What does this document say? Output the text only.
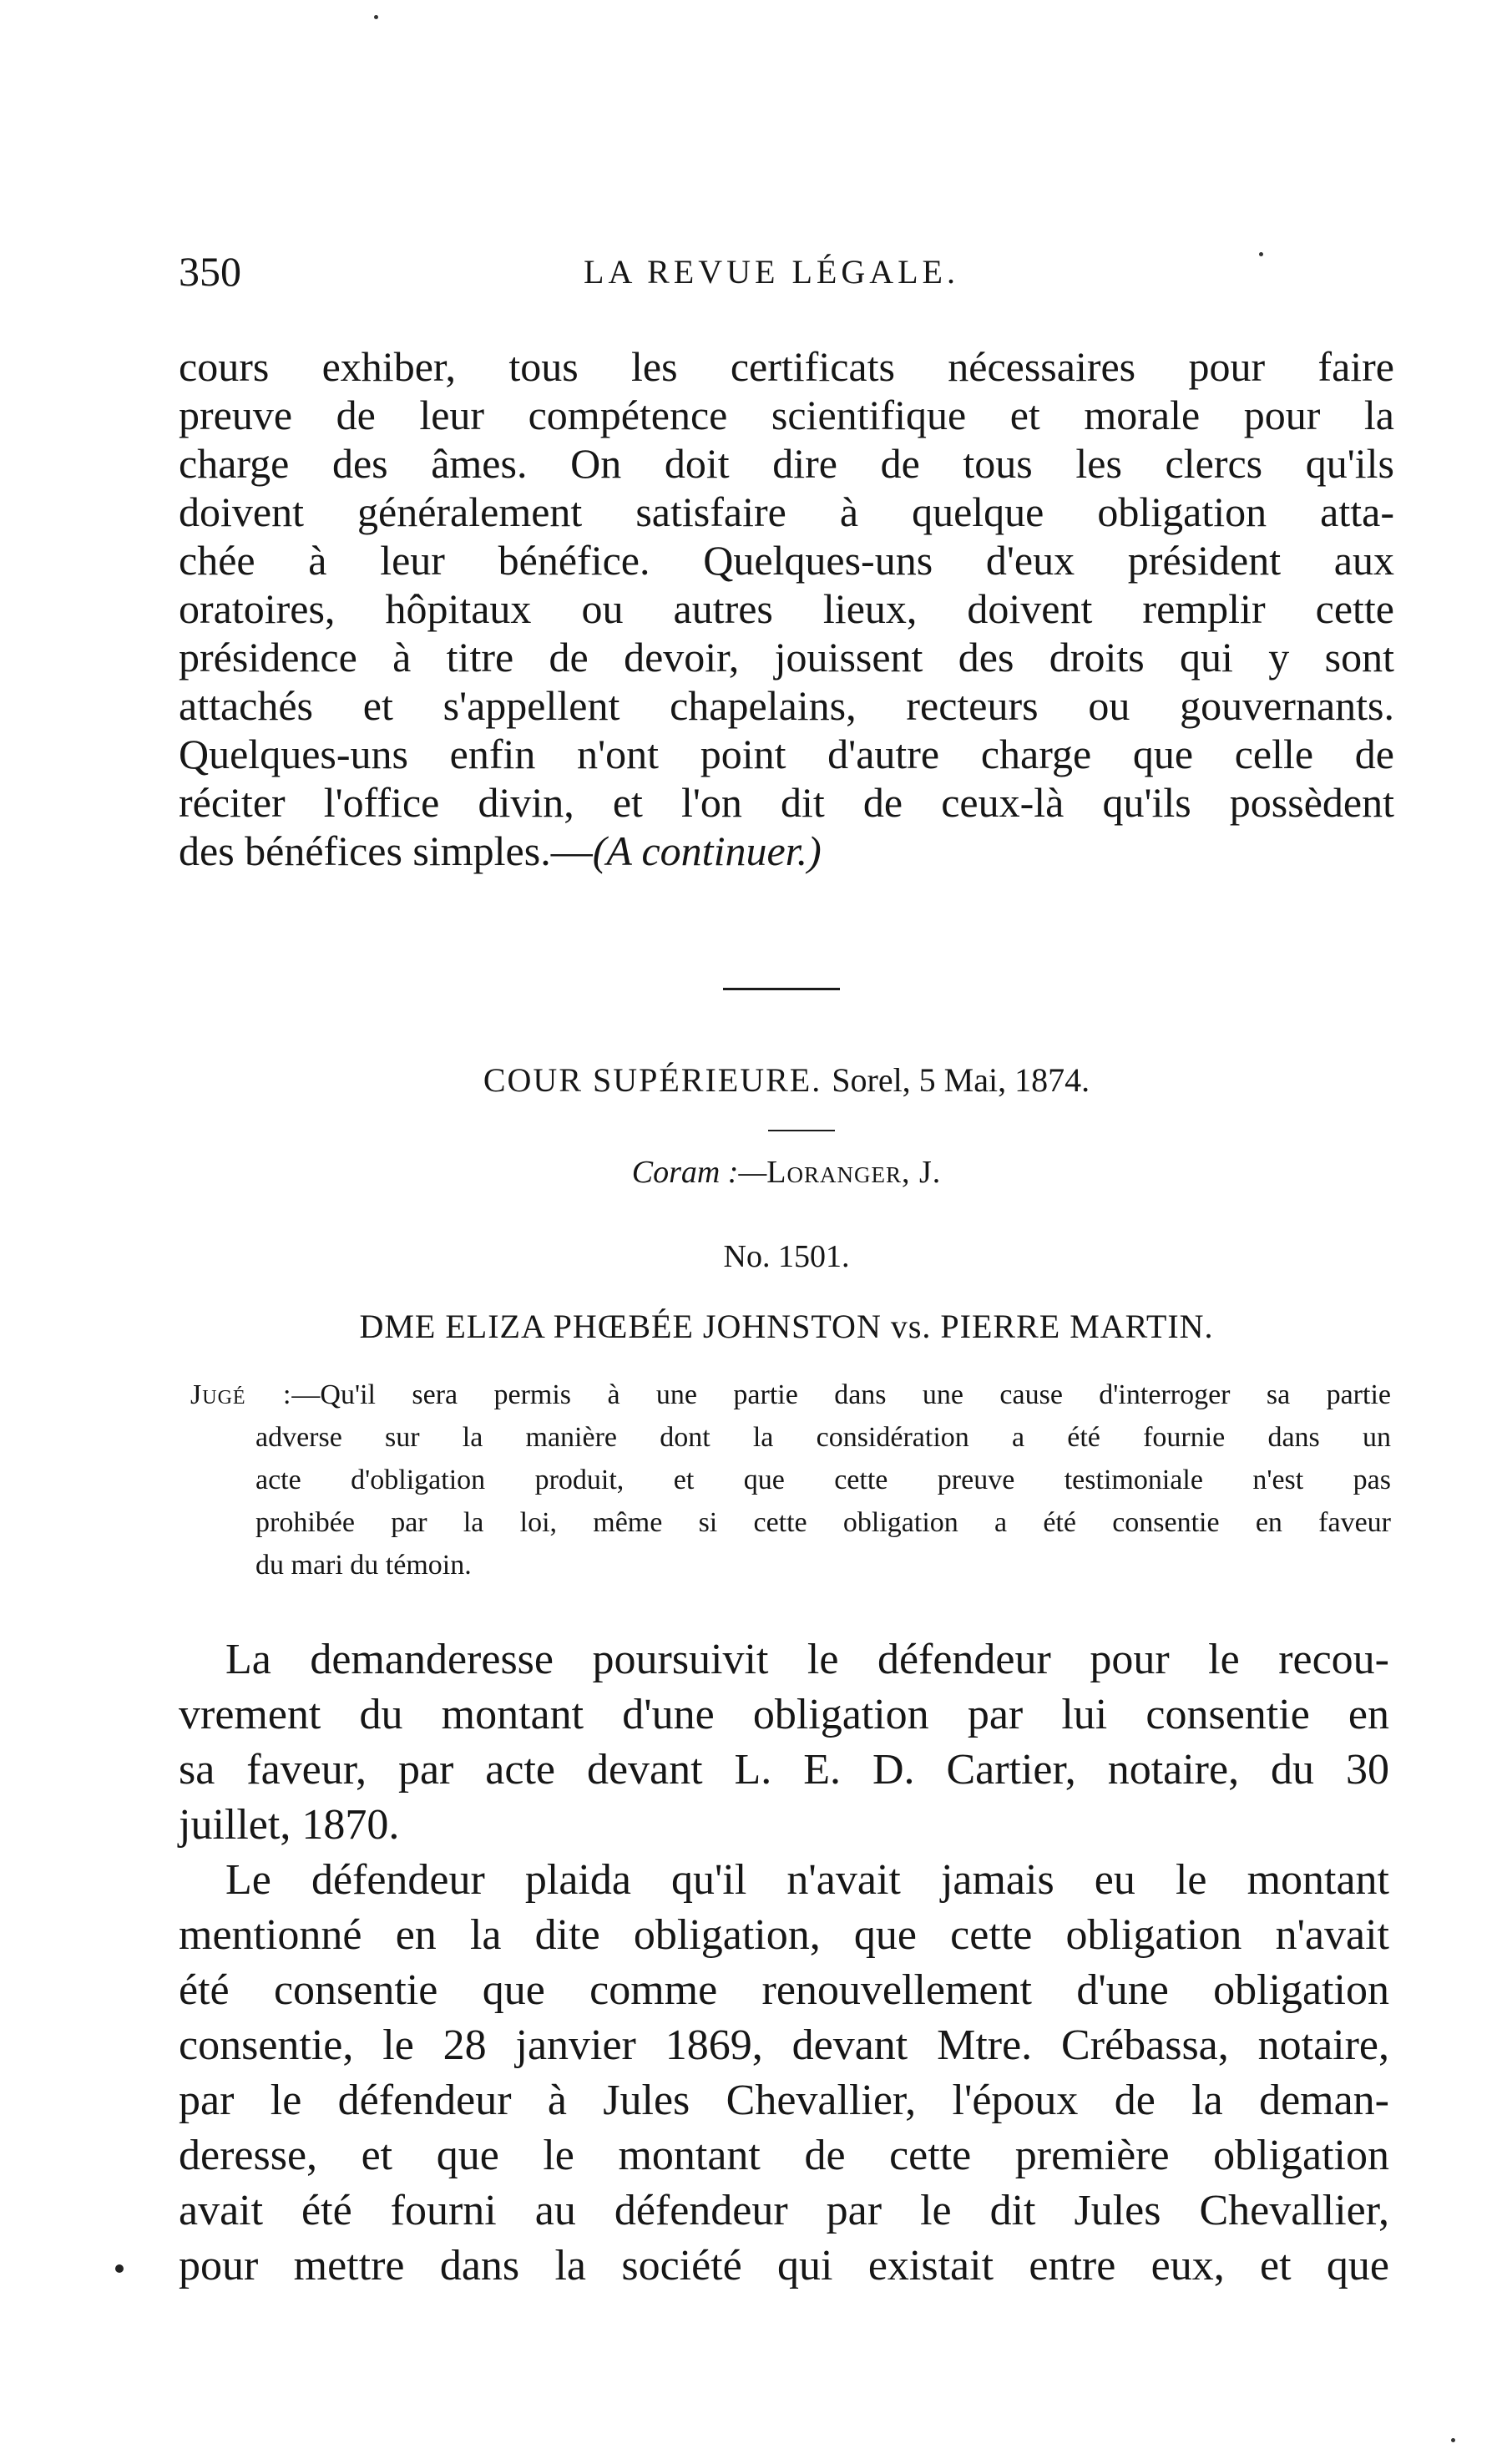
350	LA REVUE LÉGALE.
cours exhiber, tous les certificats nécessaires pour faire
preuve de leur compétence scientifique et morale pour la
charge des âmes. On doit dire de tous les clercs qu'ils
doivent généralement satisfaire à quelque obligation atta-
chée à leur bénéfice. Quelques-uns d'eux président aux
oratoires, hôpitaux ou autres lieux, doivent remplir cette
présidence à titre de devoir, jouissent des droits qui y sont
attachés et s'appellent chapelains, recteurs ou gouvernants.
Quelques-uns enfin n'ont point d'autre charge que celle de
réciter l'office divin, et l'on dit de ceux-là qu'ils possèdent
des bénéfices simples.—(A continuer.)
COUR SUPÉRIEURE. Sorel, 5 Mai, 1874.
Coram :—Loranger, J.
No. 1501.
DME ELIZA PHŒBÉE JOHNSTON vs. PIERRE MARTIN.
Jugé :—Qu'il sera permis à une partie dans une cause d'interroger sa partie
adverse sur la manière dont la considération a été fournie dans un
acte d'obligation produit, et que cette preuve testimoniale n'est pas
prohibée par la loi, même si cette obligation a été consentie en faveur
du mari du témoin.
La demanderesse poursuivit le défendeur pour le recou-
vrement du montant d'une obligation par lui consentie en
sa faveur, par acte devant L. E. D. Cartier, notaire, du 30
juillet, 1870.
Le défendeur plaida qu'il n'avait jamais eu le montant
mentionné en la dite obligation, que cette obligation n'avait
été consentie que comme renouvellement d'une obligation
consentie, le 28 janvier 1869, devant Mtre. Crébassa, notaire,
par le défendeur à Jules Chevallier, l'époux de la deman-
deresse, et que le montant de cette première obligation
avait été fourni au défendeur par le dit Jules Chevallier,
pour mettre dans la société qui existait entre eux, et que
